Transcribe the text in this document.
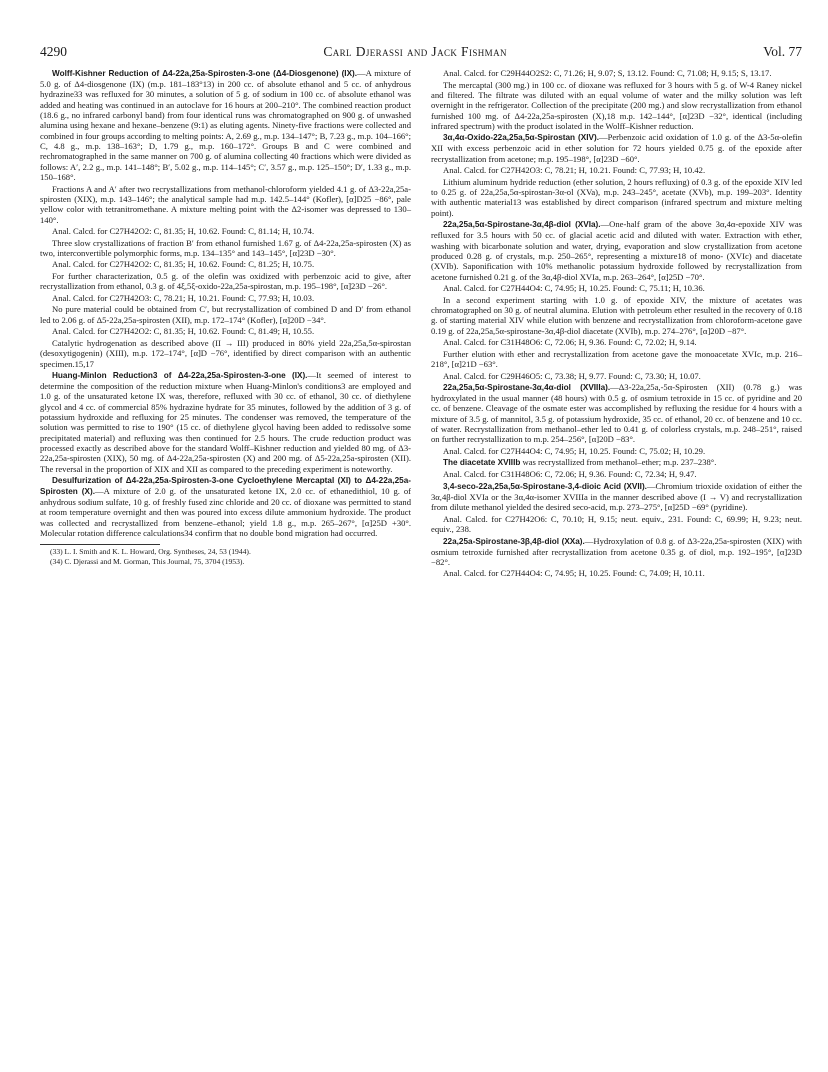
4290	Carl Djerassi and Jack Fishman	Vol. 77

Wolff-Kishner Reduction of Δ4-22a,25a-Spirosten-3-one (Δ4-Diosgenone) (IX).—A mixture of 5.0 g. of Δ4-diosgenone (IX) (m.p. 181–183°13) in 200 cc. of absolute ethanol and 5 cc. of anhydrous hydrazine33 was refluxed for 30 minutes, a solution of 5 g. of sodium in 100 cc. of absolute ethanol was added and heating was continued in an autoclave for 16 hours at 200–210°. The combined reaction product (18.6 g., no infrared carbonyl band) from four identical runs was chromatographed on 900 g. of unwashed alumina using hexane and hexane–benzene (9:1) as eluting agents. Ninety-five fractions were collected and combined in four groups according to melting points: A, 2.69 g., m.p. 134–147°; B, 7.23 g., m.p. 104–166°; C, 4.8 g., m.p. 138–163°; D, 1.79 g., m.p. 160–172°. Groups B and C were combined and rechromatographed in the same manner on 700 g. of alumina collecting 40 fractions which were divided as follows: A′, 2.2 g., m.p. 141–148°; B′, 5.02 g., m.p. 114–145°; C′, 3.57 g., m.p. 125–150°; D′, 1.33 g., m.p. 150–168°.

Fractions A and A′ after two recrystallizations from methanol-chloroform yielded 4.1 g. of Δ3-22a,25a-spirosten (XIX), m.p. 143–146°; the analytical sample had m.p. 142.5–144° (Kofler), [α]D25 −86°, pale yellow color with tetranitromethane. A mixture melting point with the Δ2-isomer was depressed to 130–140°.

Anal. Calcd. for C27H42O2: C, 81.35; H, 10.62. Found: C, 81.14; H, 10.74.

Three slow crystallizations of fraction B′ from ethanol furnished 1.67 g. of Δ4-22a,25a-spirosten (X) as two, interconvertible polymorphic forms, m.p. 134–135° and 143–145°, [α]23D −30°.

Anal. Calcd. for C27H42O2: C, 81.35; H, 10.62. Found: C, 81.25; H, 10.75.

For further characterization, 0.5 g. of the olefin was oxidized with perbenzoic acid to give, after recrystallization from ethanol, 0.3 g. of 4ξ,5ξ-oxido-22a,25a-spirostan, m.p. 195–198°, [α]23D −26°.

Anal. Calcd. for C27H42O3: C, 78.21; H, 10.21. Found: C, 77.93; H, 10.03.

No pure material could be obtained from C′, but recrystallization of combined D and D′ from ethanol led to 2.06 g. of Δ5-22a,25a-spirosten (XII), m.p. 172–174° (Kofler), [α]20D −34°.

Anal. Calcd. for C27H42O2: C, 81.35; H, 10.62. Found: C, 81.49; H, 10.55.

Catalytic hydrogenation as described above (II → III) produced in 80% yield 22a,25a,5α-spirostan (desoxytigogenin) (XIII), m.p. 172–174°, [α]D −76°, identified by direct comparison with an authentic specimen.15,17

Huang-Minlon Reduction3 of Δ4-22a,25a-Spirosten-3-one (IX).—It seemed of interest to determine the composition of the reduction mixture when Huang-Minlon's conditions3 are employed and 1.0 g. of the unsaturated ketone IX was, therefore, refluxed with 30 cc. of ethanol, 30 cc. of diethylene glycol and 4 cc. of commercial 85% hydrazine hydrate for 35 minutes, followed by the addition of 3 g. of potassium hydroxide and refluxing for 25 minutes. The condenser was removed, the temperature of the solution was permitted to rise to 190° (15 cc. of diethylene glycol having been added to redissolve some precipitated material) and refluxing was then continued for 2.5 hours. The crude reduction product was processed exactly as described above for the standard Wolff–Kishner reduction and yielded 80 mg. of Δ3-22a,25a-spirosten (XIX), 50 mg. of Δ4-22a,25a-spirosten (X) and 200 mg. of Δ5-22a,25a-spirosten (XII). The reversal in the proportion of XIX and XII as compared to the preceding experiment is noteworthy.

Desulfurization of Δ4-22a,25a-Spirosten-3-one Cycloethylene Mercaptal (XI) to Δ4-22a,25a-Spirosten (X).—A mixture of 2.0 g. of the unsaturated ketone IX, 2.0 cc. of ethanedithiol, 10 g. of anhydrous sodium sulfate, 10 g. of freshly fused zinc chloride and 20 cc. of dioxane was permitted to stand at room temperature overnight and then was poured into excess dilute ammonium hydroxide. The product was collected and recrystallized from benzene–ethanol; yield 1.8 g., m.p. 265–267°, [α]25D +30°. Molecular rotation difference calculations34 confirm that no double bond migration had occurred.

(33) L. I. Smith and K. L. Howard, Org. Syntheses, 24, 53 (1944).
(34) C. Djerassi and M. Gorman, This Journal, 75, 3704 (1953).

Anal. Calcd. for C29H44O2S2: C, 71.26; H, 9.07; S, 13.12. Found: C, 71.08; H, 9.15; S, 13.17.

The mercaptal (300 mg.) in 100 cc. of dioxane was refluxed for 3 hours with 5 g. of W-4 Raney nickel and filtered. The filtrate was diluted with an equal volume of water and the milky solution was left overnight in the refrigerator. Collection of the precipitate (200 mg.) and slow recrystallization from ethanol furnished 100 mg. of Δ4-22a,25a-spirosten (X),18 m.p. 142–144°, [α]23D −32°, identical (including infrared spectrum) with the product isolated in the Wolff–Kishner reduction.

3α,4α-Oxido-22a,25a,5α-Spirostan (XIV).—Perbenzoic acid oxidation of 1.0 g. of the Δ3-5α-olefin XII with excess perbenzoic acid in ether solution for 72 hours yielded 0.75 g. of the epoxide after recrystallization from acetone; m.p. 195–198°, [α]23D −60°.

Anal. Calcd. for C27H42O3: C, 78.21; H, 10.21. Found: C, 77.93; H, 10.42.

Lithium aluminum hydride reduction (ether solution, 2 hours refluxing) of 0.3 g. of the epoxide XIV led to 0.25 g. of 22a,25a,5α-spirostan-3α-ol (XVa), m.p. 243–245°, acetate (XVb), m.p. 199–203°. Identity with authentic material13 was established by direct comparison (infrared spectrum and mixture melting point).

22a,25a,5α-Spirostane-3α,4β-diol (XVIa).—One-half gram of the above 3α,4α-epoxide XIV was refluxed for 3.5 hours with 50 cc. of glacial acetic acid and diluted with water. Extraction with ether, washing with bicarbonate solution and water, drying, evaporation and slow crystallization from acetone produced 0.28 g. of crystals, m.p. 250–265°, representing a mixture18 of mono- (XVIc) and diacetate (XVIb). Saponification with 10% methanolic potassium hydroxide followed by recrystallization from acetone furnished 0.21 g. of the 3α,4β-diol XVIa, m.p. 263–264°, [α]25D −70°.

Anal. Calcd. for C27H44O4: C, 74.95; H, 10.25. Found: C, 75.11; H, 10.36.

In a second experiment starting with 1.0 g. of epoxide XIV, the mixture of acetates was chromatographed on 30 g. of neutral alumina. Elution with petroleum ether resulted in the recovery of 0.18 g. of starting material XIV while elution with benzene and recrystallization from chloroform-acetone gave 0.19 g. of 22a,25a,5α-spirostane-3α,4β-diol diacetate (XVIb), m.p. 274–276°, [α]20D −87°.

Anal. Calcd. for C31H48O6: C, 72.06; H, 9.36. Found: C, 72.02; H, 9.14.

Further elution with ether and recrystallization from acetone gave the monoacetate XVIc, m.p. 216–218°, [α]21D −63°.

Anal. Calcd. for C29H46O5: C, 73.38; H, 9.77. Found: C, 73.30; H, 10.07.

22a,25a,5α-Spirostane-3α,4α-diol (XVIIIa).—Δ3-22a,25a,-5α-Spirosten (XII) (0.78 g.) was hydroxylated in the usual manner (48 hours) with 0.5 g. of osmium tetroxide in 15 cc. of pyridine and 20 cc. of benzene. Cleavage of the osmate ester was accomplished by refluxing the residue for 4 hours with a mixture of 3.5 g. of mannitol, 3.5 g. of potassium hydroxide, 35 cc. of ethanol, 20 cc. of benzene and 10 cc. of water. Recrystallization from methanol–ether led to 0.41 g. of colorless crystals, m.p. 248–251°, raised on further recrystallization to m.p. 254–256°, [α]20D −83°.

Anal. Calcd. for C27H44O4: C, 74.95; H, 10.25. Found: C, 75.02; H, 10.29.

The diacetate XVIIIb was recrystallized from methanol–ether; m.p. 237–238°.

Anal. Calcd. for C31H48O6: C, 72.06; H, 9.36. Found: C, 72.34; H, 9.47.

3,4-seco-22a,25a,5α-Spirostane-3,4-dioic Acid (XVII).—Chromium trioxide oxidation of either the 3α,4β-diol XVIa or the 3α,4α-isomer XVIIIa in the manner described above (I → V) and recrystallization from dilute methanol yielded the desired seco-acid, m.p. 273–275°, [α]25D −69° (pyridine).

Anal. Calcd. for C27H42O6: C, 70.10; H, 9.15; neut. equiv., 231. Found: C, 69.99; H, 9.23; neut. equiv., 238.

22a,25a-Spirostane-3β,4β-diol (XXa).—Hydroxylation of 0.8 g. of Δ3-22a,25a-spirosten (XIX) with osmium tetroxide furnished after recrystallization from acetone 0.35 g. of diol, m.p. 192–195°, [α]23D −82°.

Anal. Calcd. for C27H44O4: C, 74.95; H, 10.25. Found: C, 74.09; H, 10.11.
